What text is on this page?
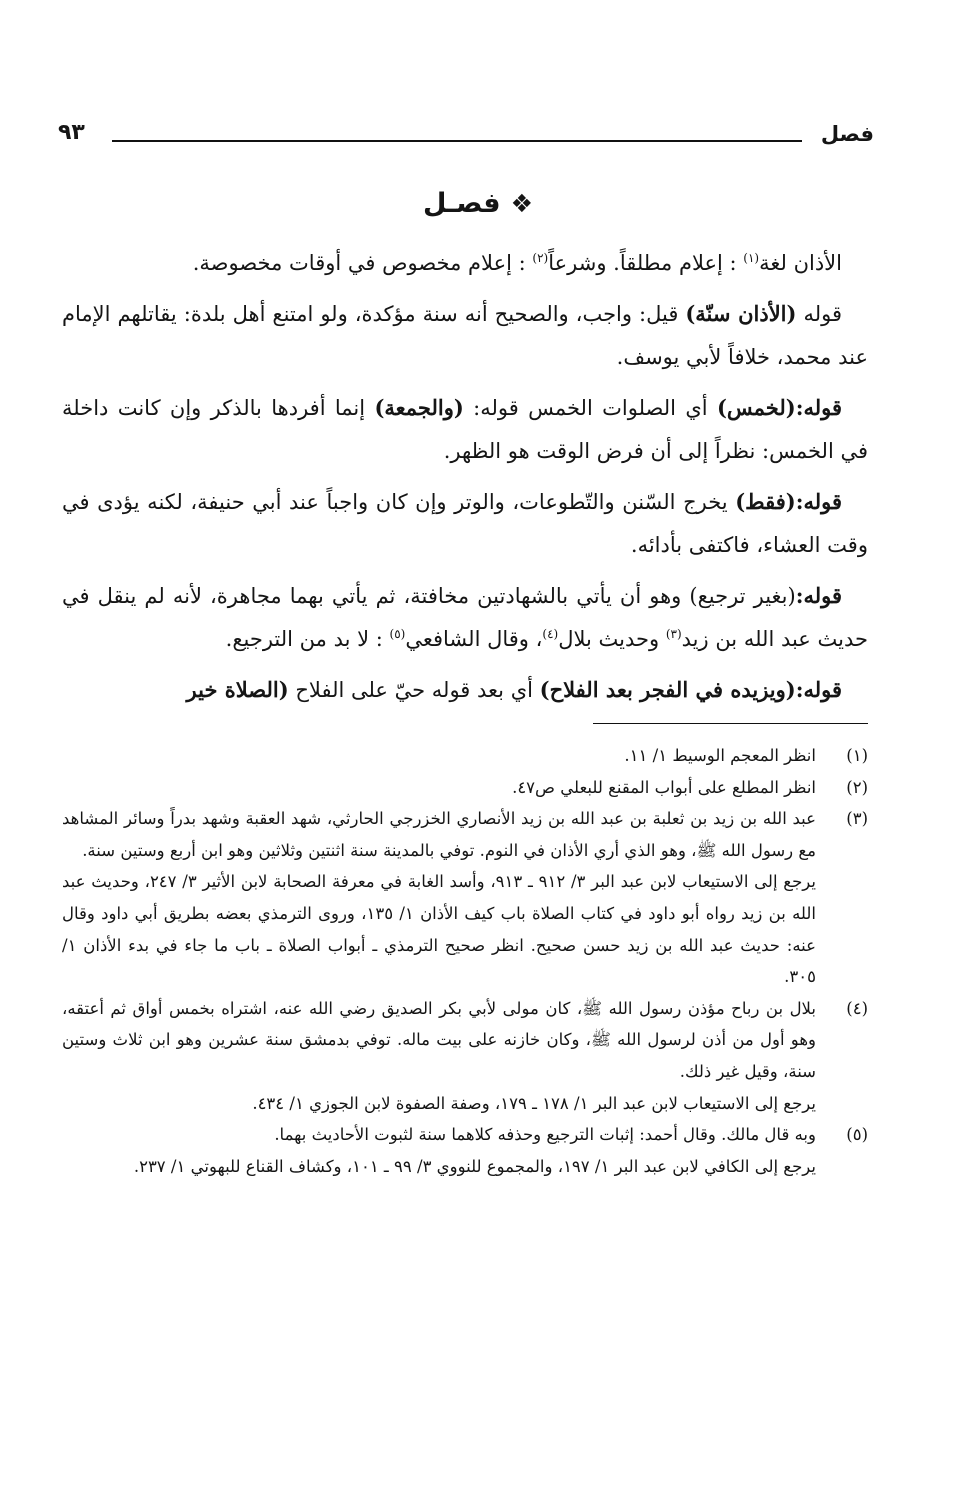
فصل
٩٣
❖فصـل

الأذان لغة$^{(١)}$ : إعلام مطلقاً. وشرعاً$^{(٢)}$ : إعلام مخصوص في أوقات مخصوصة.

قوله (الأذان سنّة) قيل: واجب، والصحيح أنه سنة مؤكدة، ولو امتنع أهل بلدة: يقاتلهم الإمام عند محمد، خلافاً لأبي يوسف.

قوله:(لخمس) أي الصلوات الخمس قوله: (والجمعة) إنما أفردها بالذكر وإن كانت داخلة في الخمس: نظراً إلى أن فرض الوقت هو الظهر.

قوله:(فقط) يخرج السّنن والتّطوعات، والوتر وإن كان واجباً عند أبي حنيفة، لكنه يؤدى في وقت العشاء، فاكتفى بأدائه.

قوله:(بغير ترجيع) وهو أن يأتي بالشهادتين مخافتة، ثم يأتي بهما مجاهرة، لأنه لم ينقل في حديث عبد الله بن زيد$^{(٣)}$ وحديث بلال$^{(٤)}$، وقال الشافعي$^{(٥)}$ : لا بد من الترجيع.

قوله:(ويزيده في الفجر بعد الفلاح) أي بعد قوله حيّ على الفلاح (الصلاة خير

(١)

انظر المعجم الوسيط ١/ ١١.

(٢)

انظر المطلع على أبواب المقنع للبعلي ص٤٧.

(٣)

عبد الله بن زيد بن ثعلبة بن عبد الله بن زيد الأنصاري الخزرجي الحارثي، شهد العقبة وشهد بدراً وسائر المشاهد مع رسول الله ﷺ، وهو الذي أري الأذان في النوم. توفي بالمدينة سنة اثنتين وثلاثين وهو ابن أربع وستين سنة.

يرجع إلى الاستيعاب لابن عبد البر ٣/ ٩١٢ ـ ٩١٣، وأسد الغابة في معرفة الصحابة لابن الأثير ٣/ ٢٤٧، وحديث عبد الله بن زيد رواه أبو داود في كتاب الصلاة باب كيف الأذان ١/ ١٣٥، وروى الترمذي بعضه بطريق أبي داود وقال عنه: حديث عبد الله بن زيد حسن صحيح. انظر صحيح الترمذي ـ أبواب الصلاة ـ باب ما جاء في بدء الأذان ١/ ٣٠٥.

(٤)

بلال بن رباح مؤذن رسول الله ﷺ، كان مولى لأبي بكر الصديق رضي الله عنه، اشتراه بخمس أواق ثم أعتقه، وهو أول من أذن لرسول الله ﷺ، وكان خازنه على بيت ماله. توفي بدمشق سنة عشرين وهو ابن ثلاث وستين سنة، وقيل غير ذلك.

يرجع إلى الاستيعاب لابن عبد البر ١/ ١٧٨ ـ ١٧٩، وصفة الصفوة لابن الجوزي ١/ ٤٣٤.

(٥)

وبه قال مالك. وقال أحمد: إثبات الترجيع وحذفه كلاهما سنة لثبوت الأحاديث بهما.

يرجع إلى الكافي لابن عبد البر ١/ ١٩٧، والمجموع للنووي ٣/ ٩٩ ـ ١٠١، وكشاف القناع للبهوتي ١/ ٢٣٧.
